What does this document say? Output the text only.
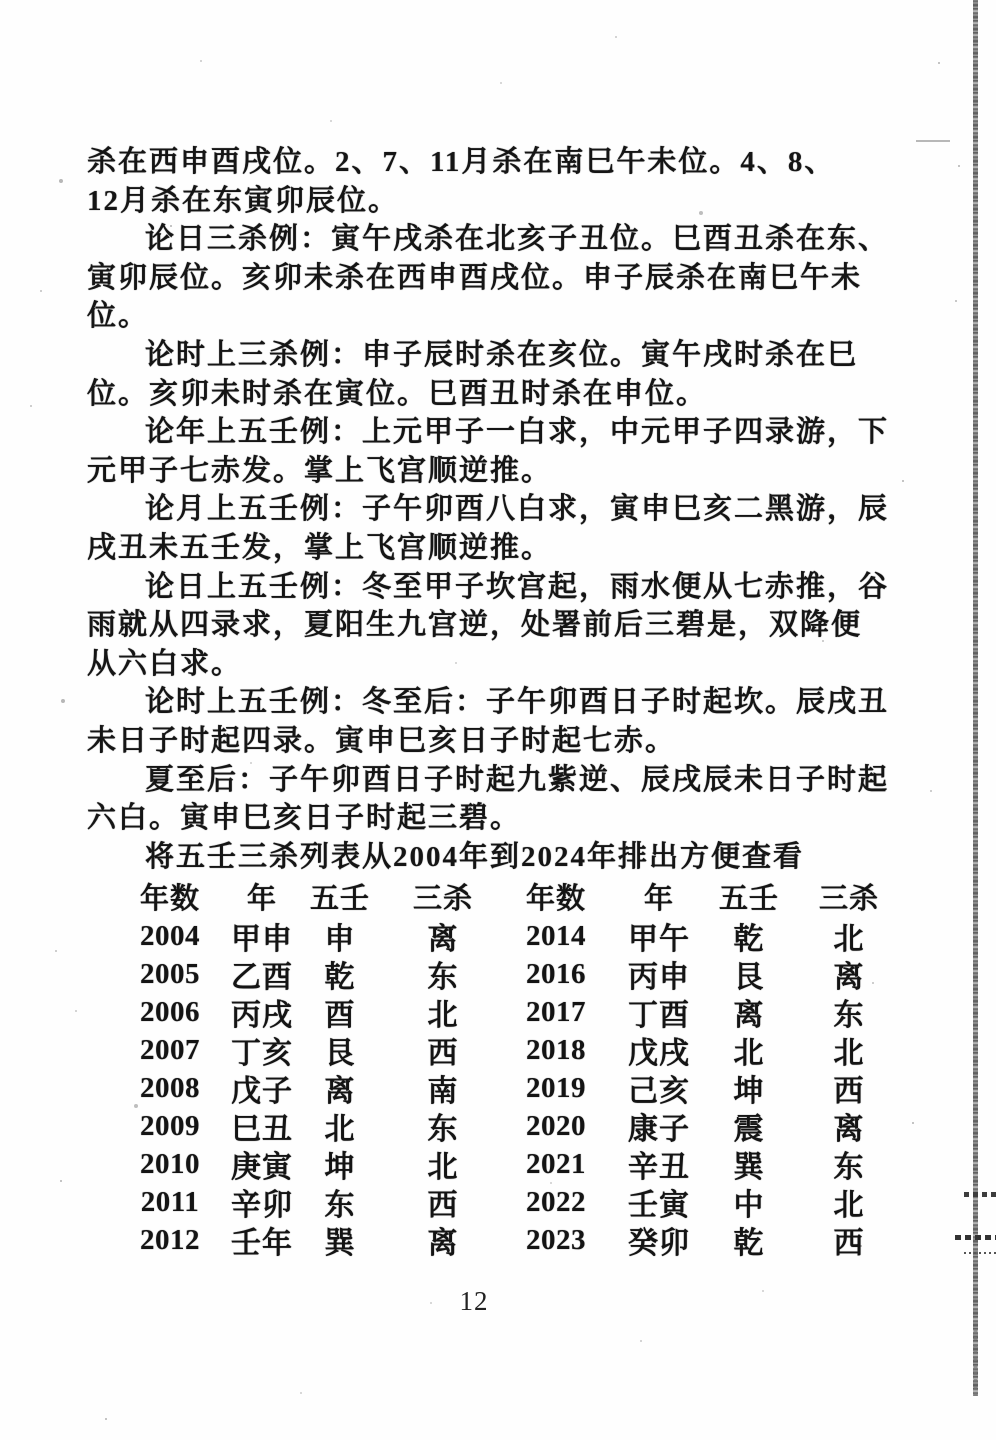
杀在西申酉戌位。2、7、11月杀在南巳午未位。4、8、
12月杀在东寅卯辰位。
论日三杀例：寅午戌杀在北亥子丑位。巳酉丑杀在东、
寅卯辰位。亥卯未杀在西申酉戌位。申子辰杀在南巳午未
位。
论时上三杀例：申子辰时杀在亥位。寅午戌时杀在巳
位。亥卯未时杀在寅位。巳酉丑时杀在申位。
论年上五壬例：上元甲子一白求，中元甲子四录游，下
元甲子七赤发。掌上飞宫顺逆推。
论月上五壬例：子午卯酉八白求，寅申巳亥二黑游，辰
戌丑未五壬发，掌上飞宫顺逆推。
论日上五壬例：冬至甲子坎宫起，雨水便从七赤推，谷
雨就从四录求，夏阳生九宫逆，处署前后三碧是，双降便
从六白求。
论时上五壬例：冬至后：子午卯酉日子时起坎。辰戌丑
未日子时起四录。寅申巳亥日子时起七赤。
夏至后：子午卯酉日子时起九紫逆、辰戌辰未日子时起
六白。寅申巳亥日子时起三碧。
将五壬三杀列表从2004年到2024年排出方便查看
年数	年	五壬	三杀	年数	年	五壬	三杀
2004	甲申	申	离	2014	甲午	乾	北
2005	乙酉	乾	东	2016	丙申	艮	离
2006	丙戌	酉	北	2017	丁酉	离	东
2007	丁亥	艮	西	2018	戊戌	北	北
2008	戊子	离	南	2019	己亥	坤	西
2009	巳丑	北	东	2020	康子	震	离
2010	庚寅	坤	北	2021	辛丑	巽	东
2011	辛卯	东	西	2022	壬寅	中	北
2012	壬年	巽	离	2023	癸卯	乾	西
12
